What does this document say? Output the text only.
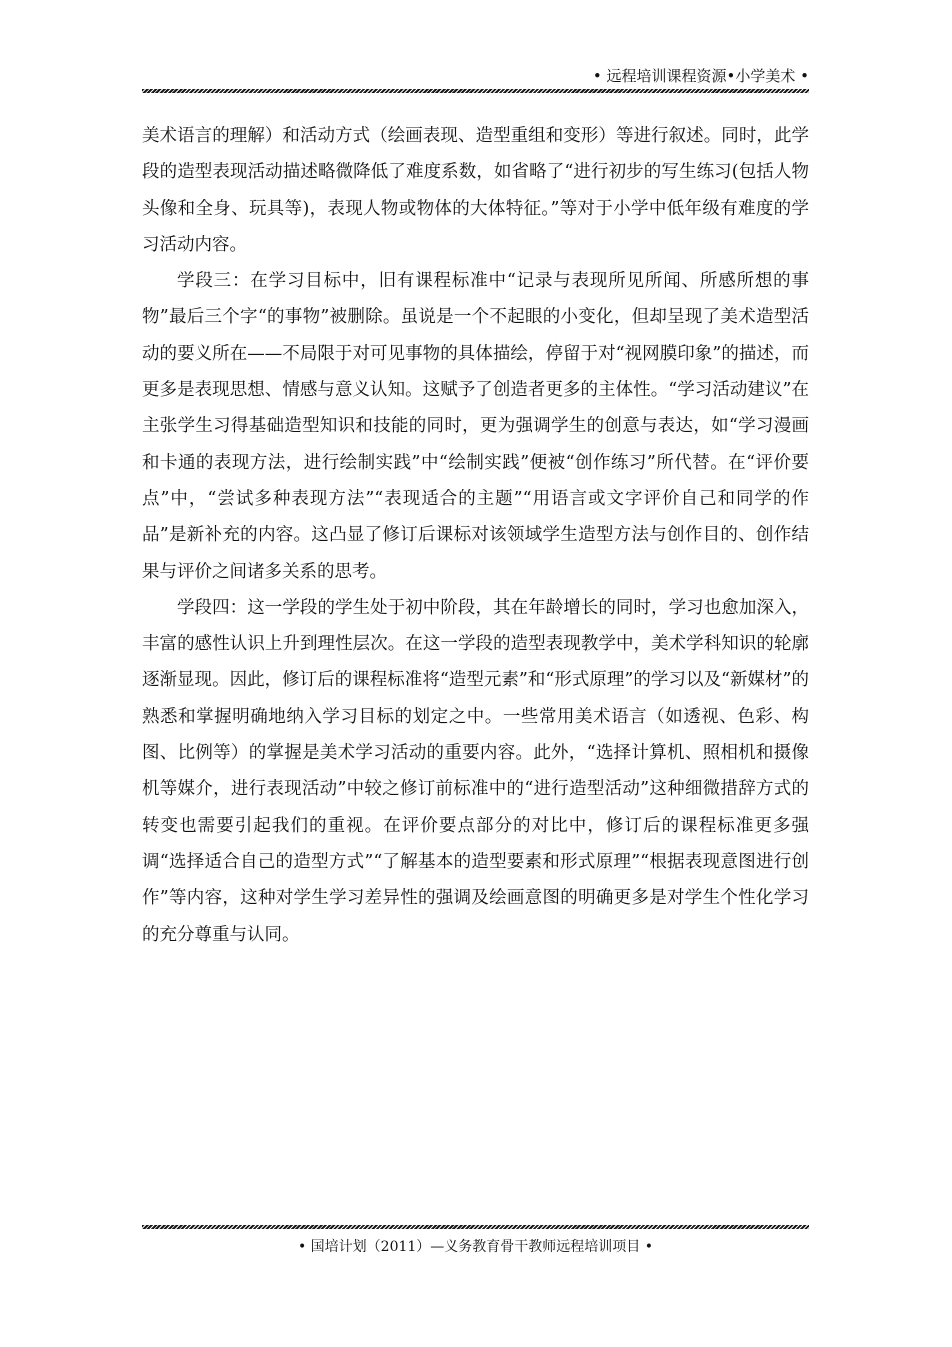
• 远程培训课程资源•小学美术 •

美术语言的理解）和活动方式（绘画表现、造型重组和变形）等进行叙述。同时，此学段的造型表现活动描述略微降低了难度系数，如省略了“进行初步的写生练习(包括人物头像和全身、玩具等)，表现人物或物体的大体特征。”等对于小学中低年级有难度的学习活动内容。

学段三：在学习目标中，旧有课程标准中“记录与表现所见所闻、所感所想的事物”最后三个字“的事物”被删除。虽说是一个不起眼的小变化，但却呈现了美术造型活动的要义所在——不局限于对可见事物的具体描绘，停留于对“视网膜印象”的描述，而更多是表现思想、情感与意义认知。这赋予了创造者更多的主体性。“学习活动建议”在主张学生习得基础造型知识和技能的同时，更为强调学生的创意与表达，如“学习漫画和卡通的表现方法，进行绘制实践”中“绘制实践”便被“创作练习”所代替。在“评价要点”中，“尝试多种表现方法”“表现适合的主题”“用语言或文字评价自己和同学的作品”是新补充的内容。这凸显了修订后课标对该领域学生造型方法与创作目的、创作结果与评价之间诸多关系的思考。

学段四：这一学段的学生处于初中阶段，其在年龄增长的同时，学习也愈加深入，丰富的感性认识上升到理性层次。在这一学段的造型表现教学中，美术学科知识的轮廓逐渐显现。因此，修订后的课程标准将“造型元素”和“形式原理”的学习以及“新媒材”的熟悉和掌握明确地纳入学习目标的划定之中。一些常用美术语言（如透视、色彩、构图、比例等）的掌握是美术学习活动的重要内容。此外，“选择计算机、照相机和摄像机等媒介，进行表现活动”中较之修订前标准中的“进行造型活动”这种细微措辞方式的转变也需要引起我们的重视。在评价要点部分的对比中，修订后的课程标准更多强调“选择适合自己的造型方式”“了解基本的造型要素和形式原理”“根据表现意图进行创作”等内容，这种对学生学习差异性的强调及绘画意图的明确更多是对学生个性化学习的充分尊重与认同。

• 国培计划（2011）—义务教育骨干教师远程培训项目 •
